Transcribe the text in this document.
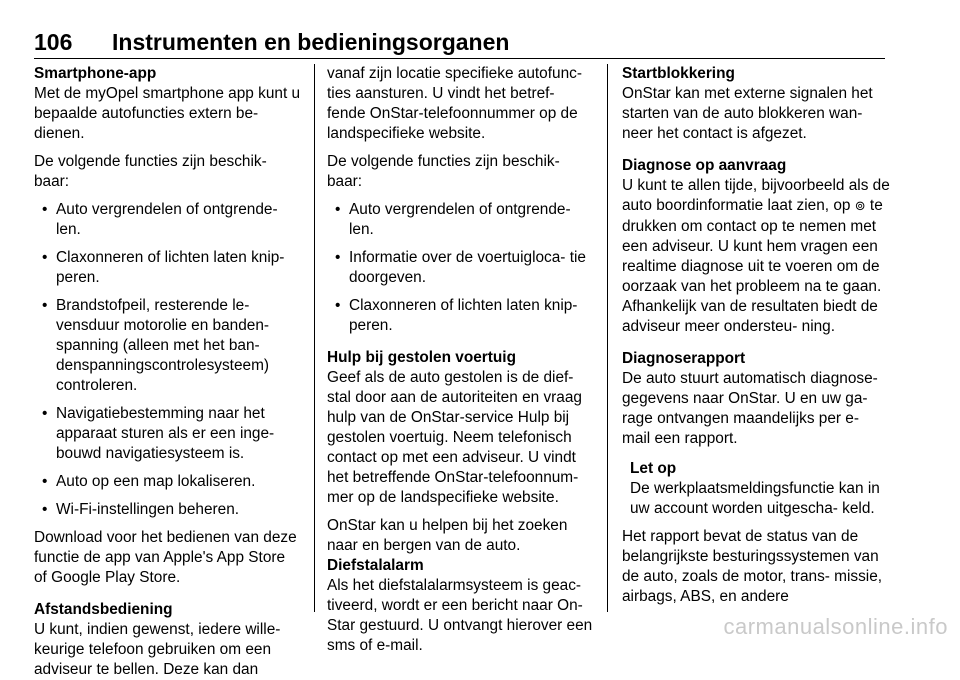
106 Instrumenten en bedieningsorganen
Smartphone-app

Met de myOpel smartphone app kunt u bepaalde autofuncties extern be- dienen.

De volgende functies zijn beschik- baar:

• Auto vergrendelen of ontgrende- len.
• Claxonneren of lichten laten knip- peren.
• Brandstofpeil, resterende le- vensduur motorolie en banden- spanning (alleen met het ban- denspanningscontrolesysteem) controleren.
• Navigatiebestemming naar het apparaat sturen als er een inge- bouwd navigatiesysteem is.
• Auto op een map lokaliseren.
• Wi-Fi-instellingen beheren.

Download voor het bedienen van deze functie de app van Apple's App Store of Google Play Store.

Afstandsbediening

U kunt, indien gewenst, iedere wille- keurige telefoon gebruiken om een adviseur te bellen. Deze kan dan

vanaf zijn locatie specifieke autofunc- ties aansturen. U vindt het betref- fende OnStar-telefoonnummer op de landspecifieke website.

De volgende functies zijn beschik- baar:

• Auto vergrendelen of ontgrende- len.
• Informatie over de voertuigloca- tie doorgeven.
• Claxonneren of lichten laten knip- peren.
Hulp bij gestolen voertuig

Geef als de auto gestolen is de dief- stal door aan de autoriteiten en vraag hulp van de OnStar-service Hulp bij gestolen voertuig. Neem telefonisch contact op met een adviseur. U vindt het betreffende OnStar-telefoonnum- mer op de landspecifieke website.

OnStar kan u helpen bij het zoeken naar en bergen van de auto.

Diefstalalarm

Als het diefstalalarmsysteem is geac- tiveerd, wordt er een bericht naar On- Star gestuurd. U ontvangt hierover een sms of e-mail.

Startblokkering

OnStar kan met externe signalen het starten van de auto blokkeren wan- neer het contact is afgezet.

Diagnose op aanvraag

U kunt te allen tijde, bijvoorbeeld als de auto boordinformatie laat zien, op ⊚ te drukken om contact op te nemen met een adviseur. U kunt hem vragen een realtime diagnose uit te voeren om de oorzaak van het probleem na te gaan. Afhankelijk van de resultaten biedt de adviseur meer ondersteu- ning.

Diagnoserapport

De auto stuurt automatisch diagnose- gegevens naar OnStar. U en uw ga- rage ontvangen maandelijks per e- mail een rapport.

Let op
De werkplaatsmeldingsfunctie kan in uw account worden uitgescha- keld.

Het rapport bevat de status van de belangrijkste besturingssystemen van de auto, zoals de motor, trans- missie, airbags, ABS, en andere

carmanualsonline.info
